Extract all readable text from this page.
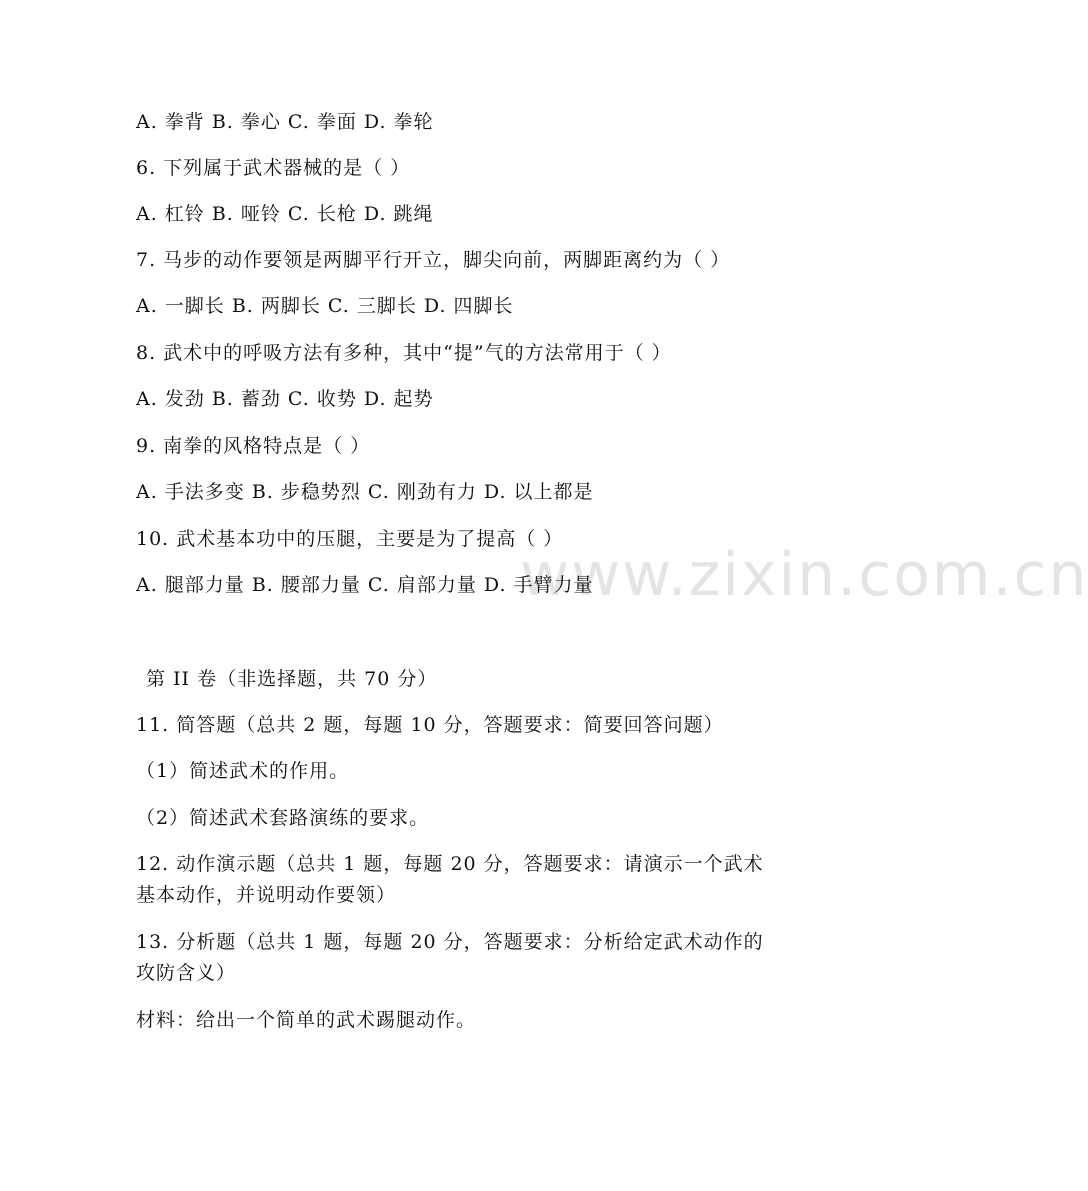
www.zixin.com.cn
A. 拳背 B. 拳心 C. 拳面 D. 拳轮
6. 下列属于武术器械的是（ ）
A. 杠铃 B. 哑铃 C. 长枪 D. 跳绳
7. 马步的动作要领是两脚平行开立，脚尖向前，两脚距离约为（ ）
A. 一脚长 B. 两脚长 C. 三脚长 D. 四脚长
8. 武术中的呼吸方法有多种，其中“提”气的方法常用于（ ）
A. 发劲 B. 蓄劲 C. 收势 D. 起势
9. 南拳的风格特点是（ ）
A. 手法多变 B. 步稳势烈 C. 刚劲有力 D. 以上都是
10. 武术基本功中的压腿，主要是为了提高（ ）
A. 腿部力量 B. 腰部力量 C. 肩部力量 D. 手臂力量
第 II 卷（非选择题，共 70 分）
11. 简答题（总共 2 题，每题 10 分，答题要求：简要回答问题）
（1）简述武术的作用。
（2）简述武术套路演练的要求。
12. 动作演示题（总共 1 题，每题 20 分，答题要求：请演示一个武术
基本动作，并说明动作要领）
13. 分析题（总共 1 题，每题 20 分，答题要求：分析给定武术动作的
攻防含义）
材料：给出一个简单的武术踢腿动作。
